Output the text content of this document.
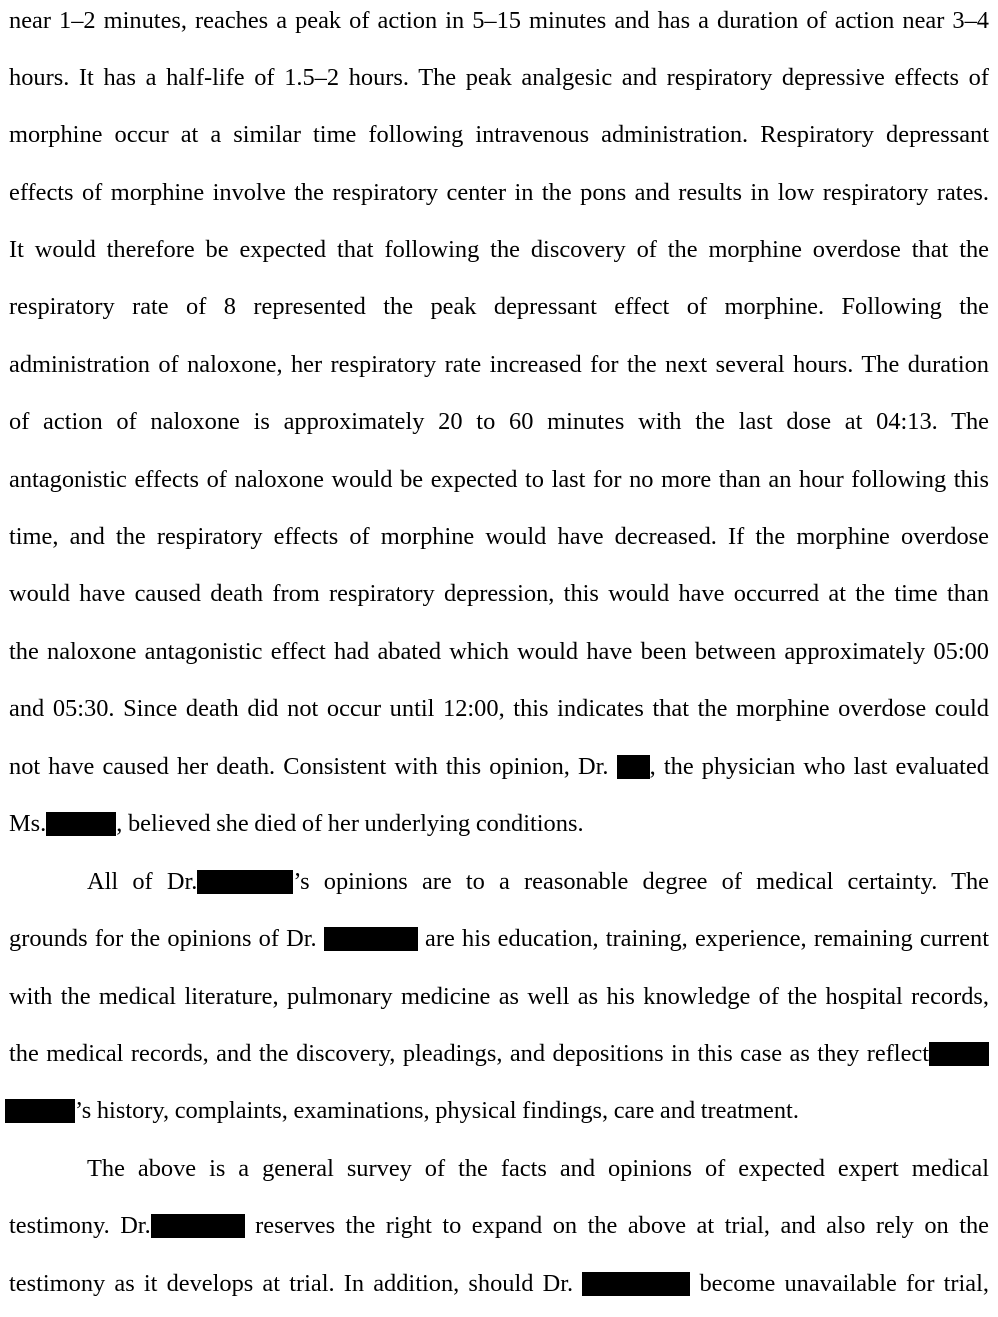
near 1–2 minutes, reaches a peak of action in 5–15 minutes and has a duration of action near 3–4
hours. It has a half-life of 1.5–2 hours. The peak analgesic and respiratory depressive effects of
morphine occur at a similar time following intravenous administration. Respiratory depressant
effects of morphine involve the respiratory center in the pons and results in low respiratory rates.
It would therefore be expected that following the discovery of the morphine overdose that the
respiratory rate of 8 represented the peak depressant effect of morphine. Following the
administration of naloxone, her respiratory rate increased for the next several hours. The duration
of action of naloxone is approximately 20 to 60 minutes with the last dose at 04:13. The
antagonistic effects of naloxone would be expected to last for no more than an hour following this
time, and the respiratory effects of morphine would have decreased. If the morphine overdose
would have caused death from respiratory depression, this would have occurred at the time than
the naloxone antagonistic effect had abated which would have been between approximately 05:00
and 05:30. Since death did not occur until 12:00, this indicates that the morphine overdose could
not have caused her death. Consistent with this opinion, Dr. , the physician who last evaluated
Ms.	, believed she died of her underlying conditions.
All of Dr.	’s opinions are to a reasonable degree of medical certainty. The
grounds for the opinions of Dr.	are his education, training, experience, remaining current
with the medical literature, pulmonary medicine as well as his knowledge of the hospital records,
the medical records, and the discovery, pleadings, and depositions in this case as they reflect
’s history, complaints, examinations, physical findings, care and treatment.
The above is a general survey of the facts and opinions of expected expert medical
testimony. Dr.	reserves the right to expand on the above at trial, and also rely on the
testimony as it develops at trial. In addition, should Dr.	become unavailable for trial,
